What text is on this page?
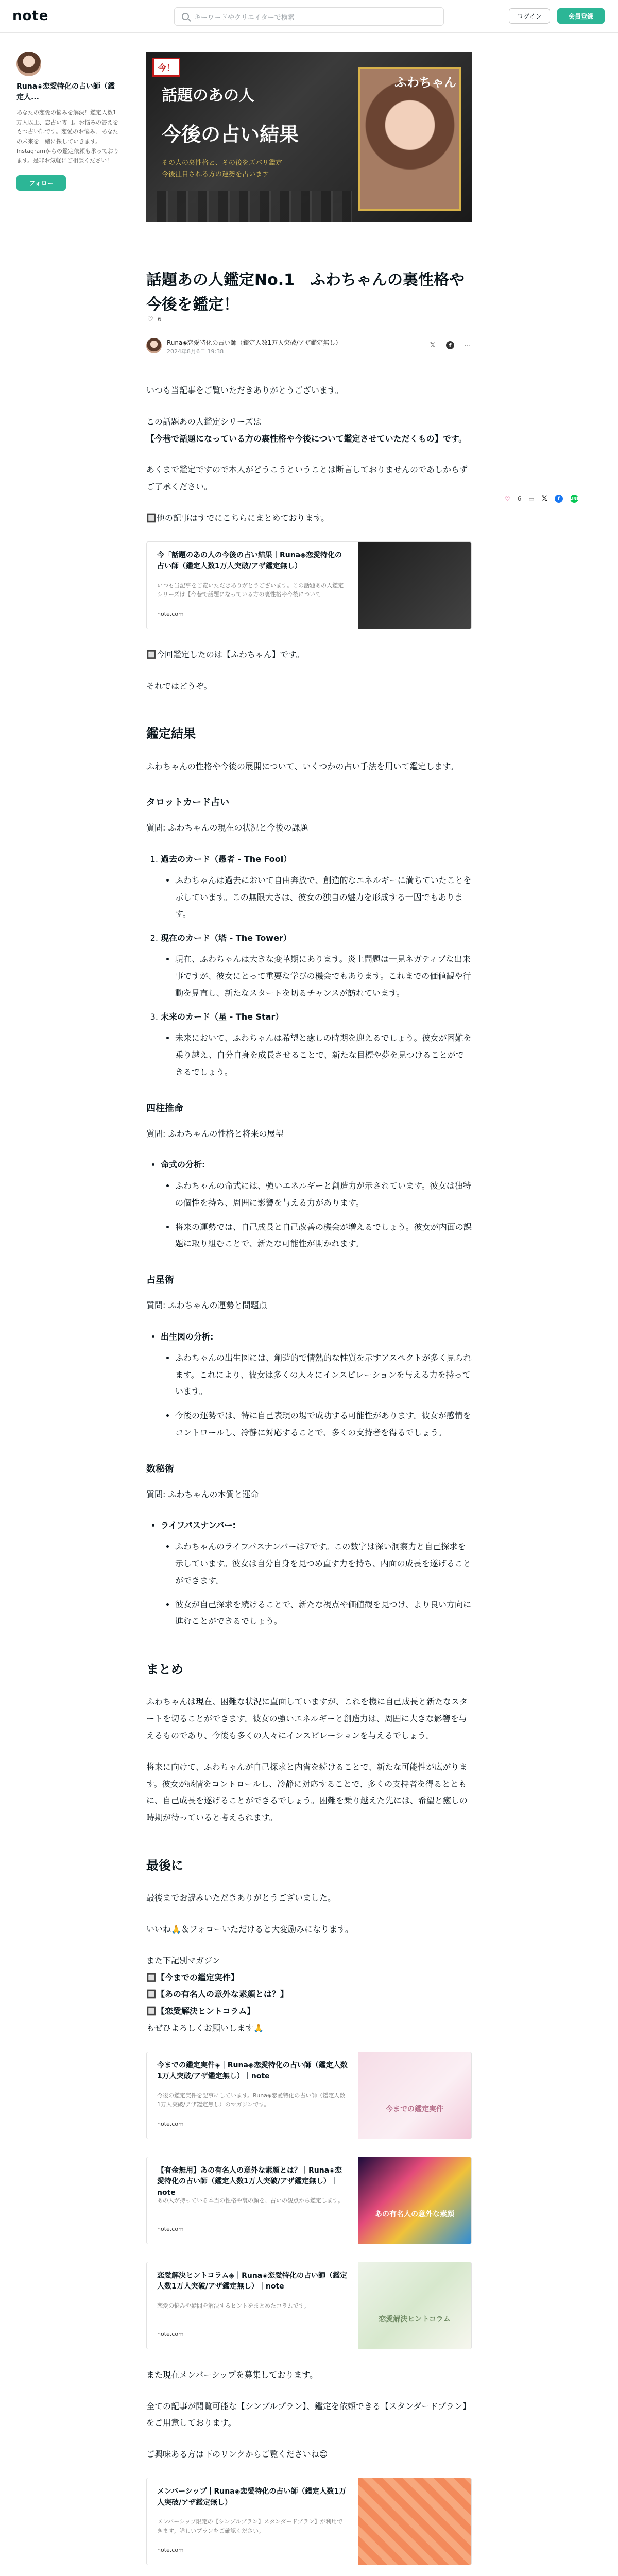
note	キーワードやクリエイターで検索	ログイン	会員登録
Runa◈恋愛特化の占い師（鑑定人...
あなたの恋愛の悩みを解決！鑑定人数1万人以上、恋占い専門。お悩みの答えをもつ占い師です。恋愛のお悩み、あなたの未来を一緒に探していきます。Instagramからの鑑定依頼も承っております。是非お気軽にご相談ください！
フォロー
今！
話題のあの人
今後の占い結果
その人の裏性格と、その後をズバリ鑑定
今後注目される方の運勢を占います
ふわちゃん
話題あの人鑑定No.1　ふわちゃんの裏性格や今後を鑑定！
♡ 6
Runa◈恋愛特化の占い師（鑑定人数1万人突破/アザ鑑定無し）
2024年8月6日 19:38
𝕏	f	⋯
♡ 6 ▭ 𝕏	f	LINE

いつも当記事をご覧いただきありがとうございます。

この話題あの人鑑定シリーズは
【今巷で話題になっている方の裏性格や今後について鑑定させていただくもの】です。

あくまで鑑定ですので本人がどうこうということは断言しておりませんのであしからずご了承ください。

🔲他の記事はすでにこちらにまとめております。

今「話題のあの人の今後の占い結果｜Runa◈恋愛特化の占い師（鑑定人数1万人突破/アザ鑑定無し）
いつも当記事をご覧いただきありがとうございます。この話題あの人鑑定シリーズは【今巷で話題になっている方の裏性格や今後について
note.com

🔲今回鑑定したのは【ふわちゃん】です。

それではどうぞ。

鑑定結果

ふわちゃんの性格や今後の展開について、いくつかの占い手法を用いて鑑定します。

タロットカード占い

質問: ふわちゃんの現在の状況と今後の課題

1. 過去のカード（愚者 - The Fool）
• ふわちゃんは過去において自由奔放で、創造的なエネルギーに満ちていたことを示しています。この無限大さは、彼女の独自の魅力を形成する一因でもあります。
2. 現在のカード（塔 - The Tower）
• 現在、ふわちゃんは大きな変革期にあります。炎上問題は一見ネガティブな出来事ですが、彼女にとって重要な学びの機会でもあります。これまでの価値観や行動を見直し、新たなスタートを切るチャンスが訪れています。
3. 未来のカード（星 - The Star）
• 未来において、ふわちゃんは希望と癒しの時期を迎えるでしょう。彼女が困難を乗り越え、自分自身を成長させることで、新たな目標や夢を見つけることができるでしょう。
四柱推命

質問: ふわちゃんの性格と将来の展望

• 命式の分析:
• ふわちゃんの命式には、強いエネルギーと創造力が示されています。彼女は独特の個性を持ち、周囲に影響を与える力があります。
• 将来の運勢では、自己成長と自己改善の機会が増えるでしょう。彼女が内面の課題に取り組むことで、新たな可能性が開かれます。
占星術

質問: ふわちゃんの運勢と問題点

• 出生図の分析:
• ふわちゃんの出生図には、創造的で情熱的な性質を示すアスペクトが多く見られます。これにより、彼女は多くの人々にインスピレーションを与える力を持っています。
• 今後の運勢では、特に自己表現の場で成功する可能性があります。彼女が感情をコントロールし、冷静に対応することで、多くの支持者を得るでしょう。
数秘術

質問: ふわちゃんの本質と運命

• ライフパスナンバー:
• ふわちゃんのライフパスナンバーは7です。この数字は深い洞察力と自己探求を示しています。彼女は自分自身を見つめ直す力を持ち、内面の成長を遂げることができます。
• 彼女が自己探求を続けることで、新たな視点や価値観を見つけ、より良い方向に進むことができるでしょう。
まとめ

ふわちゃんは現在、困難な状況に直面していますが、これを機に自己成長と新たなスタートを切ることができます。彼女の強いエネルギーと創造力は、周囲に大きな影響を与えるものであり、今後も多くの人々にインスピレーションを与えるでしょう。

将来に向けて、ふわちゃんが自己探求と内省を続けることで、新たな可能性が広がります。彼女が感情をコントロールし、冷静に対応することで、多くの支持者を得るとともに、自己成長を遂げることができるでしょう。困難を乗り越えた先には、希望と癒しの時期が待っていると考えられます。

最後に

最後までお読みいただきありがとうございました。

いいね🙏＆フォローいただけると大変励みになります。

また下記別マガジン
🔲【今までの鑑定実件】
🔲【あの有名人の意外な素顔とは？】
🔲【恋愛解決ヒントコラム】
もぜひよろしくお願いします🙏

今までの鑑定実件◈｜Runa◈恋愛特化の占い師（鑑定人数1万人突破/アザ鑑定無し）｜note
今後の鑑定実件を記事にしています。Runa◈恋愛特化の占い師（鑑定人数1万人突破/アザ鑑定無し）のマガジンです。
note.com
今までの鑑定実件
【有金無用】あの有名人の意外な素顔とは？｜Runa◈恋愛特化の占い師（鑑定人数1万人突破/アザ鑑定無し）｜note
あの人が持っている本当の性格や裏の顔を、占いの観点から鑑定します。
note.com
あの有名人の意外な素顔
恋愛解決ヒントコラム◈｜Runa◈恋愛特化の占い師（鑑定人数1万人突破/アザ鑑定無し）｜note
恋愛の悩みや疑問を解決するヒントをまとめたコラムです。
note.com
恋愛解決ヒントコラム

また現在メンバーシップを募集しております。

全ての記事が閲覧可能な【シンプルプラン】、鑑定を依頼できる【スタンダードプラン】をご用意しております。

ご興味ある方は下のリンクからご覧くださいね😊

メンバーシップ｜Runa◈恋愛特化の占い師（鑑定人数1万人突破/アザ鑑定無し）
メンバーシップ限定の【シンプルプラン】スタンダードプラン】が利用できます。詳しいプランをご確認ください。
note.com
